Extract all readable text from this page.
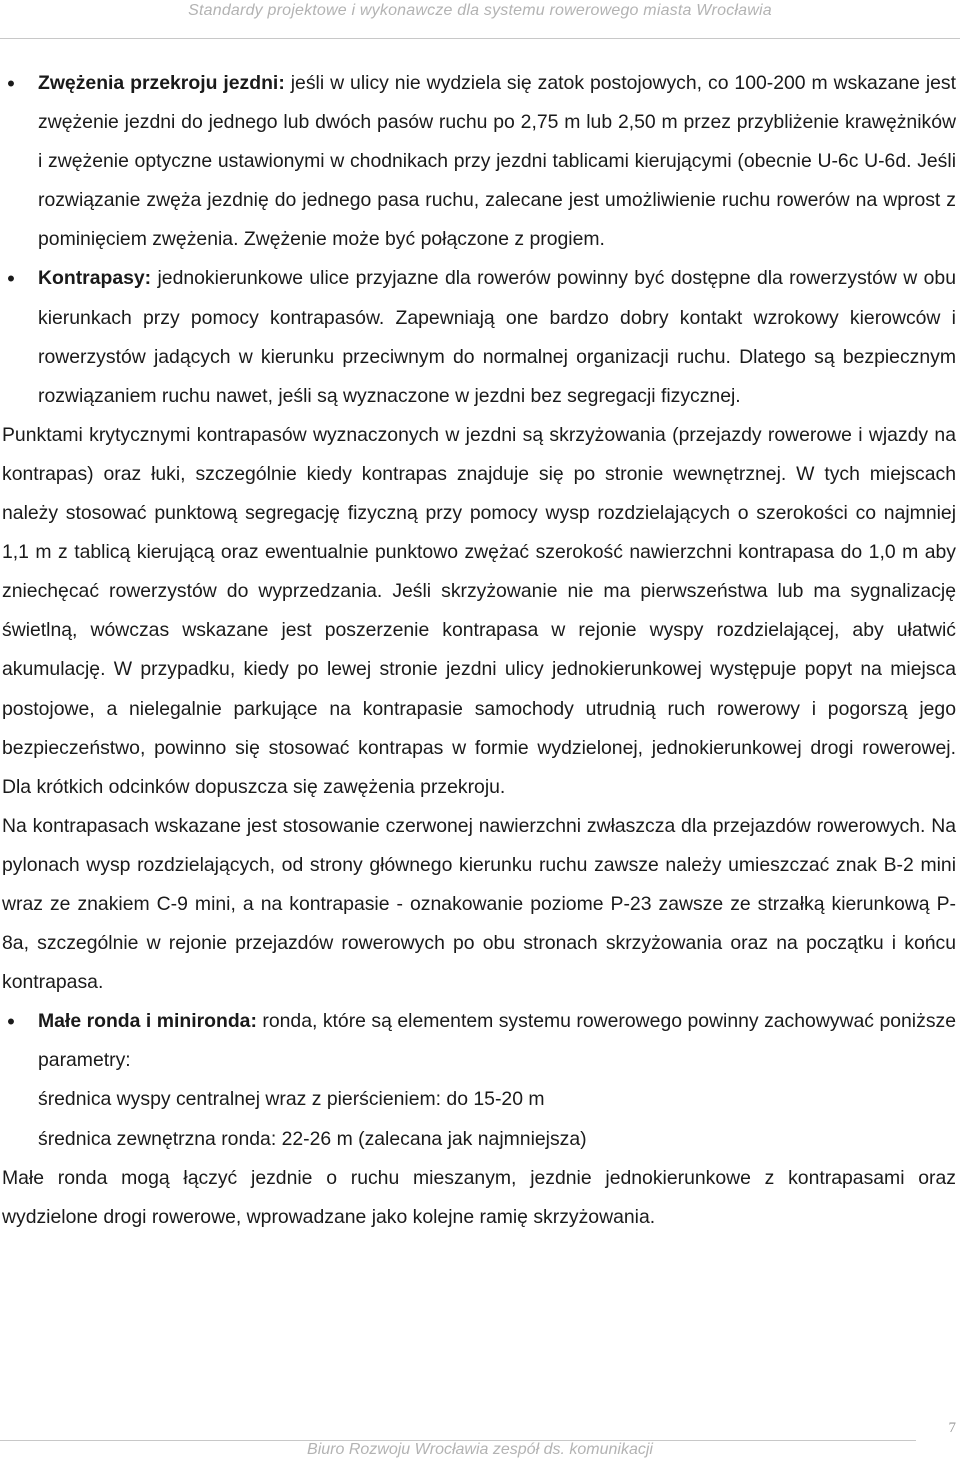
Standardy projektowe i wykonawcze dla systemu rowerowego miasta Wrocławia
• Zwężenia przekroju jezdni: jeśli w ulicy nie wydziela się zatok postojowych, co 100-200 m wskazane jest zwężenie jezdni do jednego lub dwóch pasów ruchu po 2,75 m lub 2,50 m przez przybliżenie krawężników i zwężenie optyczne ustawionymi w chodnikach przy jezdni tablicami kierującymi (obecnie U-6c U-6d. Jeśli rozwiązanie zwęża jezdnię do jednego pasa ruchu, zalecane jest umożliwienie ruchu rowerów na wprost z pominięciem zwężenia. Zwężenie może być połączone z progiem.
• Kontrapasy: jednokierunkowe ulice przyjazne dla rowerów powinny być dostępne dla rowerzystów w obu kierunkach przy pomocy kontrapasów. Zapewniają one bardzo dobry kontakt wzrokowy kierowców i rowerzystów jadących w kierunku przeciwnym do normalnej organizacji ruchu. Dlatego są bezpiecznym rozwiązaniem ruchu nawet, jeśli są wyznaczone w jezdni bez segregacji fizycznej.
Punktami krytycznymi kontrapasów wyznaczonych w jezdni są skrzyżowania (przejazdy rowerowe i wjazdy na kontrapas) oraz łuki, szczególnie kiedy kontrapas znajduje się po stronie wewnętrznej. W tych miejscach należy stosować punktową segregację fizyczną przy pomocy wysp rozdzielających o szerokości co najmniej 1,1 m z tablicą kierującą oraz ewentualnie punktowo zwężać szerokość nawierzchni kontrapasa do 1,0 m aby zniechęcać rowerzystów do wyprzedzania. Jeśli skrzyżowanie nie ma pierwszeństwa lub ma sygnalizację świetlną, wówczas wskazane jest poszerzenie kontrapasa w rejonie wyspy rozdzielającej, aby ułatwić akumulację. W przypadku, kiedy po lewej stronie jezdni ulicy jednokierunkowej występuje popyt na miejsca postojowe, a nielegalnie parkujące na kontrapasie samochody utrudnią ruch rowerowy i pogorszą jego bezpieczeństwo, powinno się stosować kontrapas w formie wydzielonej, jednokierunkowej drogi rowerowej. Dla krótkich odcinków dopuszcza się zawężenia przekroju.
Na kontrapasach wskazane jest stosowanie czerwonej nawierzchni zwłaszcza dla przejazdów rowerowych. Na pylonach wysp rozdzielających, od strony głównego kierunku ruchu zawsze należy umieszczać znak B-2 mini wraz ze znakiem C-9 mini, a na kontrapasie - oznakowanie poziome P-23 zawsze ze strzałką kierunkową P-8a, szczególnie w rejonie przejazdów rowerowych po obu stronach skrzyżowania oraz na początku i końcu kontrapasa.
• Małe ronda i minironda: ronda, które są elementem systemu rowerowego powinny zachowywać poniższe parametry:
średnica wyspy centralnej wraz z pierścieniem: do 15-20 m
średnica zewnętrzna ronda: 22-26 m (zalecana jak najmniejsza)
Małe ronda mogą łączyć jezdnie o ruchu mieszanym, jezdnie jednokierunkowe z kontrapasami oraz wydzielone drogi rowerowe, wprowadzane jako kolejne ramię skrzyżowania.
7
Biuro Rozwoju Wrocławia zespół ds. komunikacji
